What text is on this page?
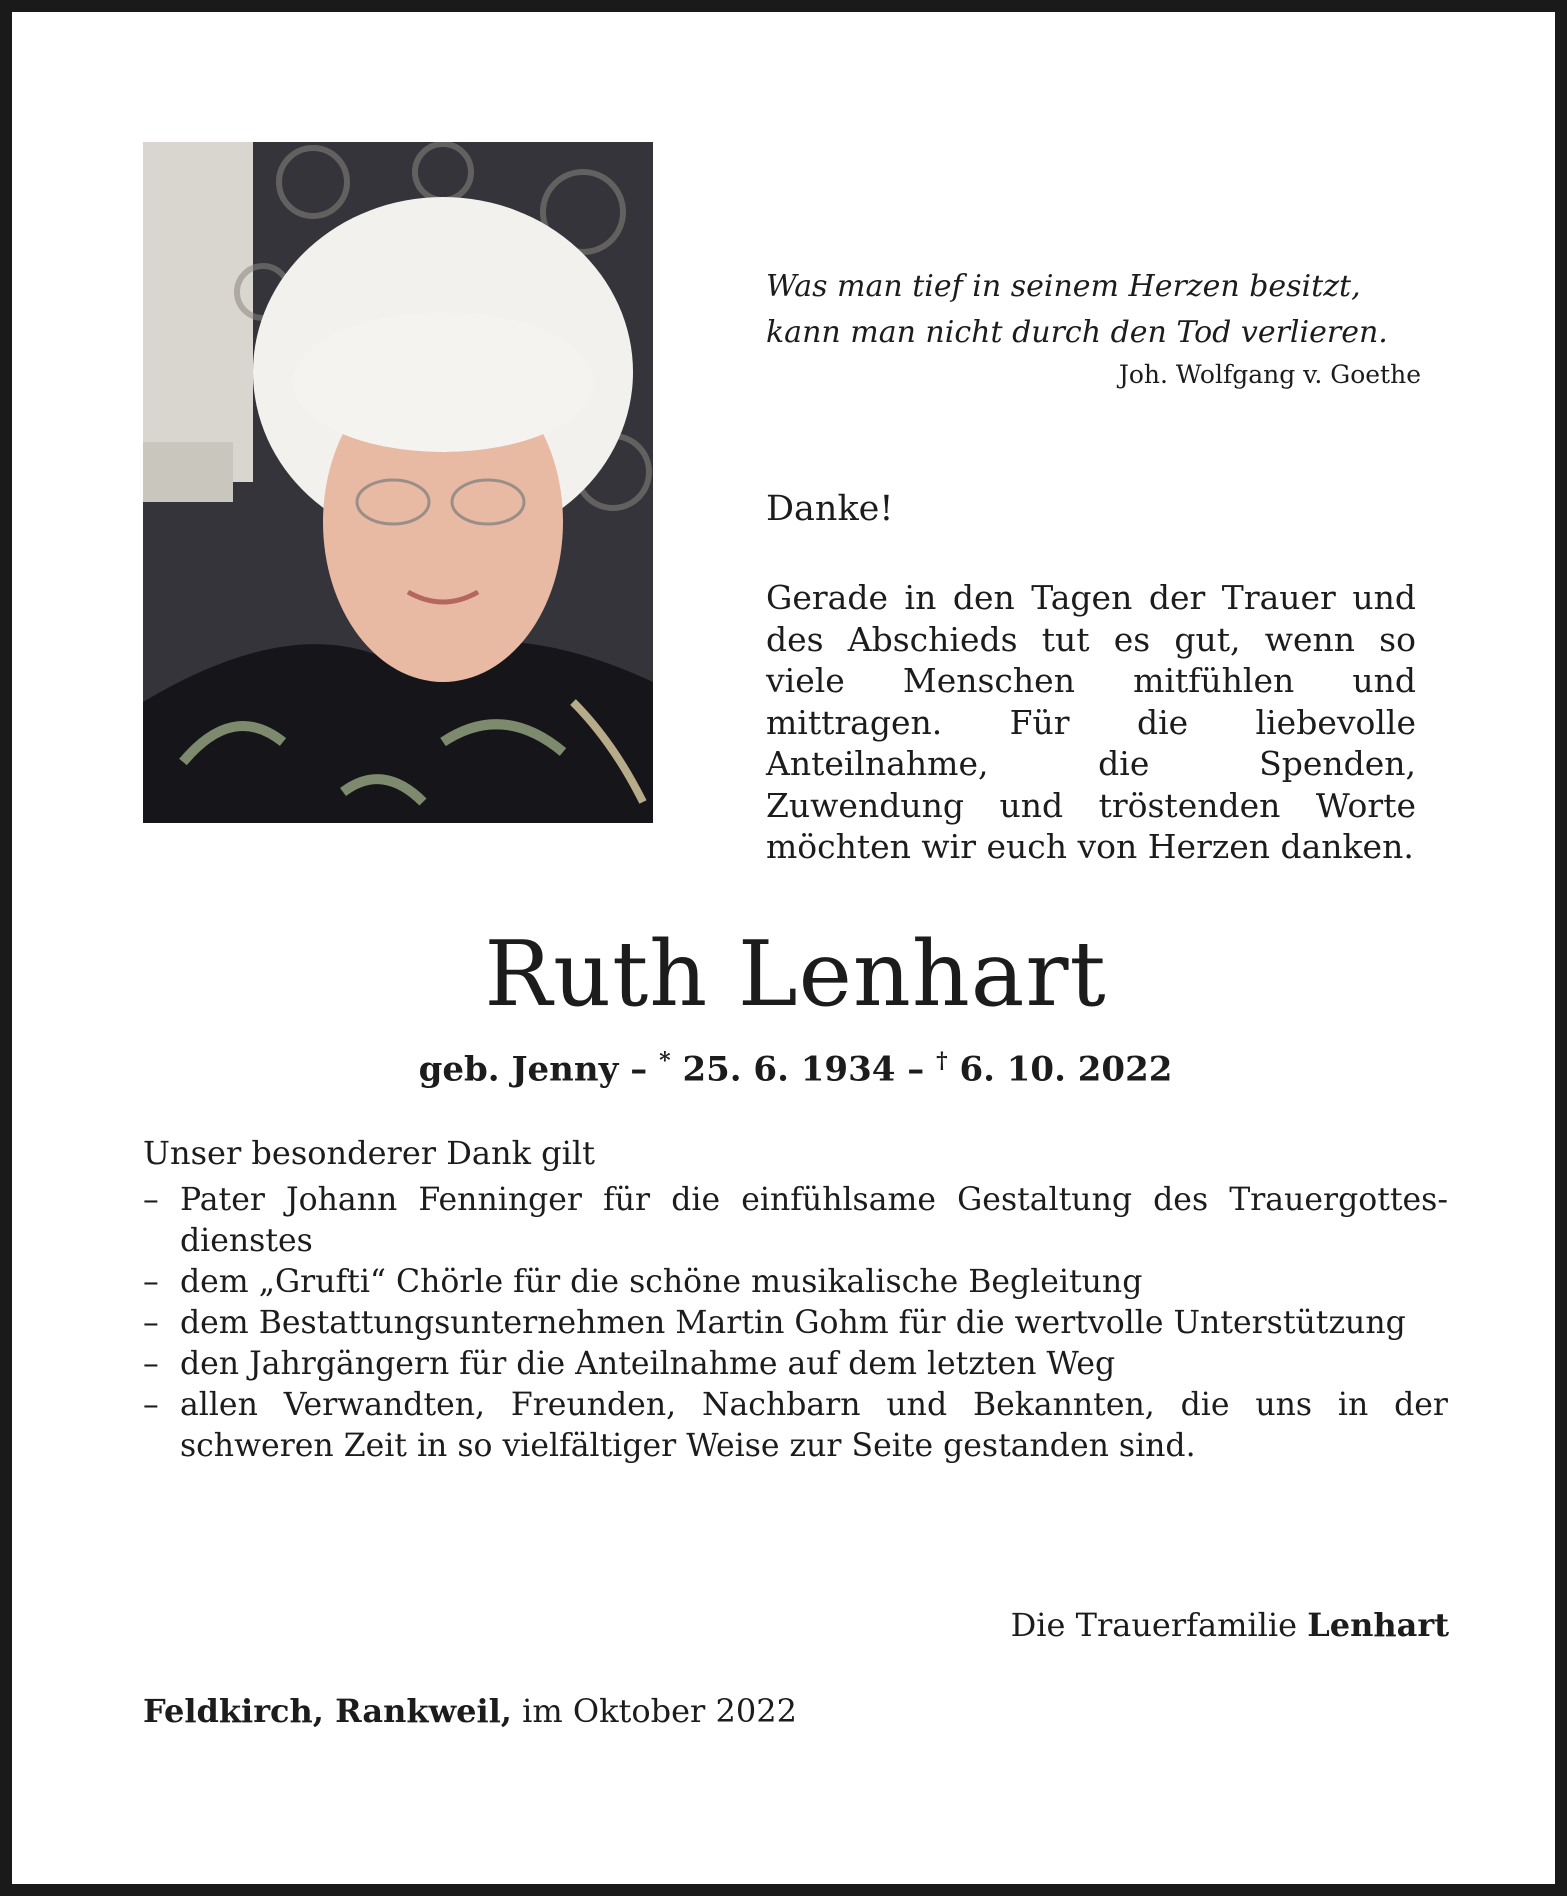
Was man tief in seinem Herzen besitzt,
kann man nicht durch den Tod verlieren.
Joh. Wolfgang v. Goethe
Danke!
Gerade in den Tagen der Trauer und des Abschieds tut es gut, wenn so viele Menschen mitfühlen und mittragen. Für die liebevolle Anteilnahme, die Spenden, Zuwendung und tröstenden Worte möchten wir euch von Herzen danken.
Ruth Lenhart
geb. Jenny – * 25. 6. 1934 – † 6. 10. 2022
Unser besonderer Dank gilt
– Pater Johann Fenninger für die einfühlsame Gestaltung des Trauergottesdienstes
– dem „Grufti“ Chörle für die schöne musikalische Begleitung
– dem Bestattungsunternehmen Martin Gohm für die wertvolle Unterstützung
– den Jahrgängern für die Anteilnahme auf dem letzten Weg
– allen Verwandten, Freunden, Nachbarn und Bekannten, die uns in der schweren Zeit in so vielfältiger Weise zur Seite gestanden sind.
Die Trauerfamilie Lenhart
Feldkirch, Rankweil, im Oktober 2022
